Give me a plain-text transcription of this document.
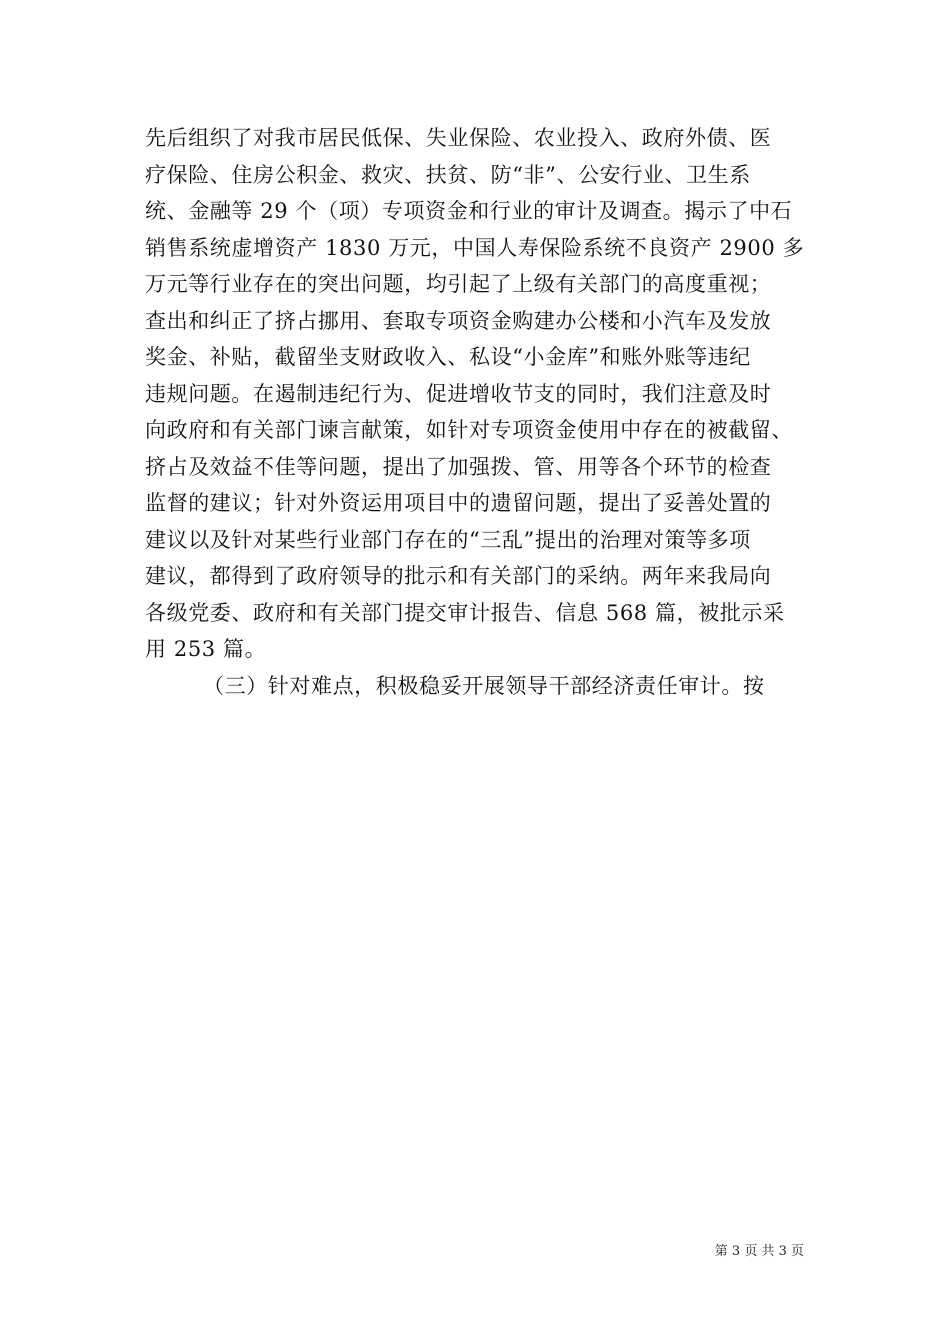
先后组织了对我市居民低保、失业保险、农业投入、政府外债、医
疗保险、住房公积金、救灾、扶贫、防“非”、公安行业、卫生系
统、金融等 29 个（项）专项资金和行业的审计及调查。揭示了中石
销售系统虚增资产 1830 万元，中国人寿保险系统不良资产 2900 多
万元等行业存在的突出问题，均引起了上级有关部门的高度重视；
查出和纠正了挤占挪用、套取专项资金购建办公楼和小汽车及发放
奖金、补贴，截留坐支财政收入、私设“小金库”和账外账等违纪
违规问题。在遏制违纪行为、促进增收节支的同时，我们注意及时
向政府和有关部门谏言献策，如针对专项资金使用中存在的被截留、
挤占及效益不佳等问题，提出了加强拨、管、用等各个环节的检查
监督的建议；针对外资运用项目中的遗留问题，提出了妥善处置的
建议以及针对某些行业部门存在的“三乱”提出的治理对策等多项
建议，都得到了政府领导的批示和有关部门的采纳。两年来我局向
各级党委、政府和有关部门提交审计报告、信息 568 篇，被批示采
用 253 篇。
（三）针对难点，积极稳妥开展领导干部经济责任审计。按
第 3 页 共 3 页
